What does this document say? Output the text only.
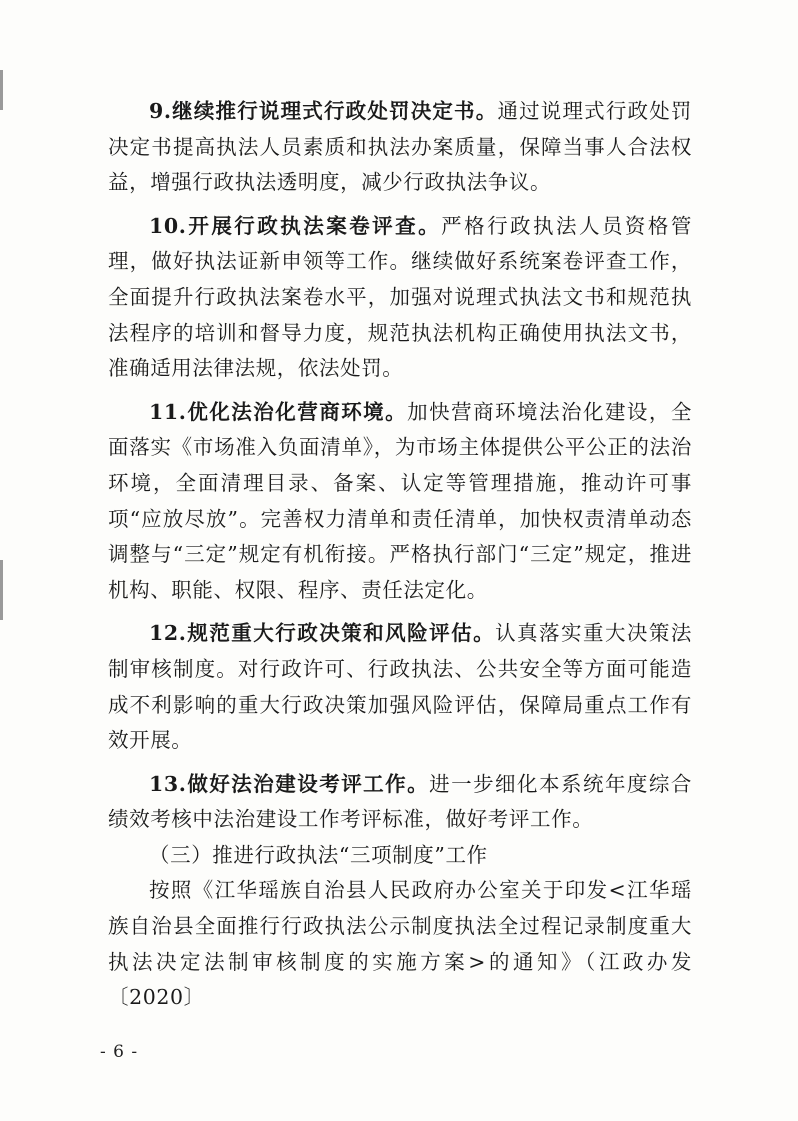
9.继续推行说理式行政处罚决定书。通过说理式行政处罚决定书提高执法人员素质和执法办案质量，保障当事人合法权益，增强行政执法透明度，减少行政执法争议。

10.开展行政执法案卷评查。严格行政执法人员资格管理，做好执法证新申领等工作。继续做好系统案卷评查工作，全面提升行政执法案卷水平，加强对说理式执法文书和规范执法程序的培训和督导力度，规范执法机构正确使用执法文书，准确适用法律法规，依法处罚。

11.优化法治化营商环境。加快营商环境法治化建设，全面落实《市场准入负面清单》，为市场主体提供公平公正的法治环境，全面清理目录、备案、认定等管理措施，推动许可事项“应放尽放”。完善权力清单和责任清单，加快权责清单动态调整与“三定”规定有机衔接。严格执行部门“三定”规定，推进机构、职能、权限、程序、责任法定化。

12.规范重大行政决策和风险评估。认真落实重大决策法制审核制度。对行政许可、行政执法、公共安全等方面可能造成不利影响的重大行政决策加强风险评估，保障局重点工作有效开展。

13.做好法治建设考评工作。进一步细化本系统年度综合绩效考核中法治建设工作考评标准，做好考评工作。

（三）推进行政执法“三项制度”工作

按照《江华瑶族自治县人民政府办公室关于印发<江华瑶族自治县全面推行行政执法公示制度执法全过程记录制度重大执法决定法制审核制度的实施方案>的通知》（江政办发〔2020〕

- 6 -
